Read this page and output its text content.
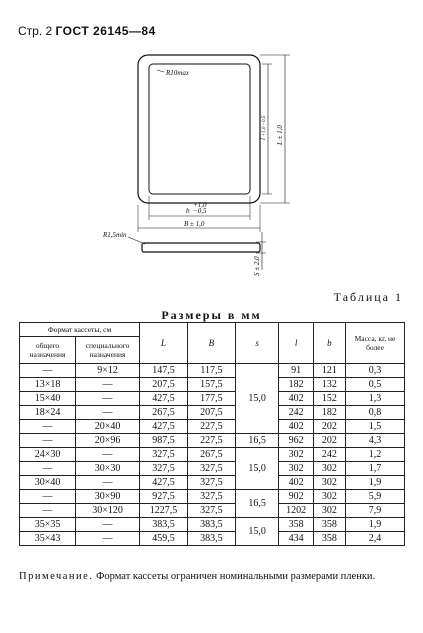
Стр. 2 ГОСТ 26145—84
R10max
l +1,0 −0,5 L ± 1,0
b
+1,0
−0,5
B ± 1,0
R1,5min
S ± 2,0
Таблица 1
Размеры в мм
Формат кассеты, см		L	B	s	l	b	Масса, кг, не более
общего назначения	специального назначения						
—	9×12	147,5	117,5	15,0	91	121	0,3
13×18	—	207,5	157,5		182	132	0,5
15×40	—	427,5	177,5		402	152	1,3
18×24	—	267,5	207,5		242	182	0,8
—	20×40	427,5	227,5		402	202	1,5
—	20×96	987,5	227,5	16,5	962	202	4,3
24×30	—	327,5	267,5	15,0	302	242	1,2
—	30×30	327,5	327,5		302	302	1,7
30×40	—	427,5	327,5		402	302	1,9
—	30×90	927,5	327,5	16,5	902	302	5,9
—	30×120	1227,5	327,5		1202	302	7,9
35×35	—	383,5	383,5	15,0	358	358	1,9
35×43	—	459,5	383,5		434	358	2,4
Примечание. Формат кассеты ограничен номинальными размерами пленки.
